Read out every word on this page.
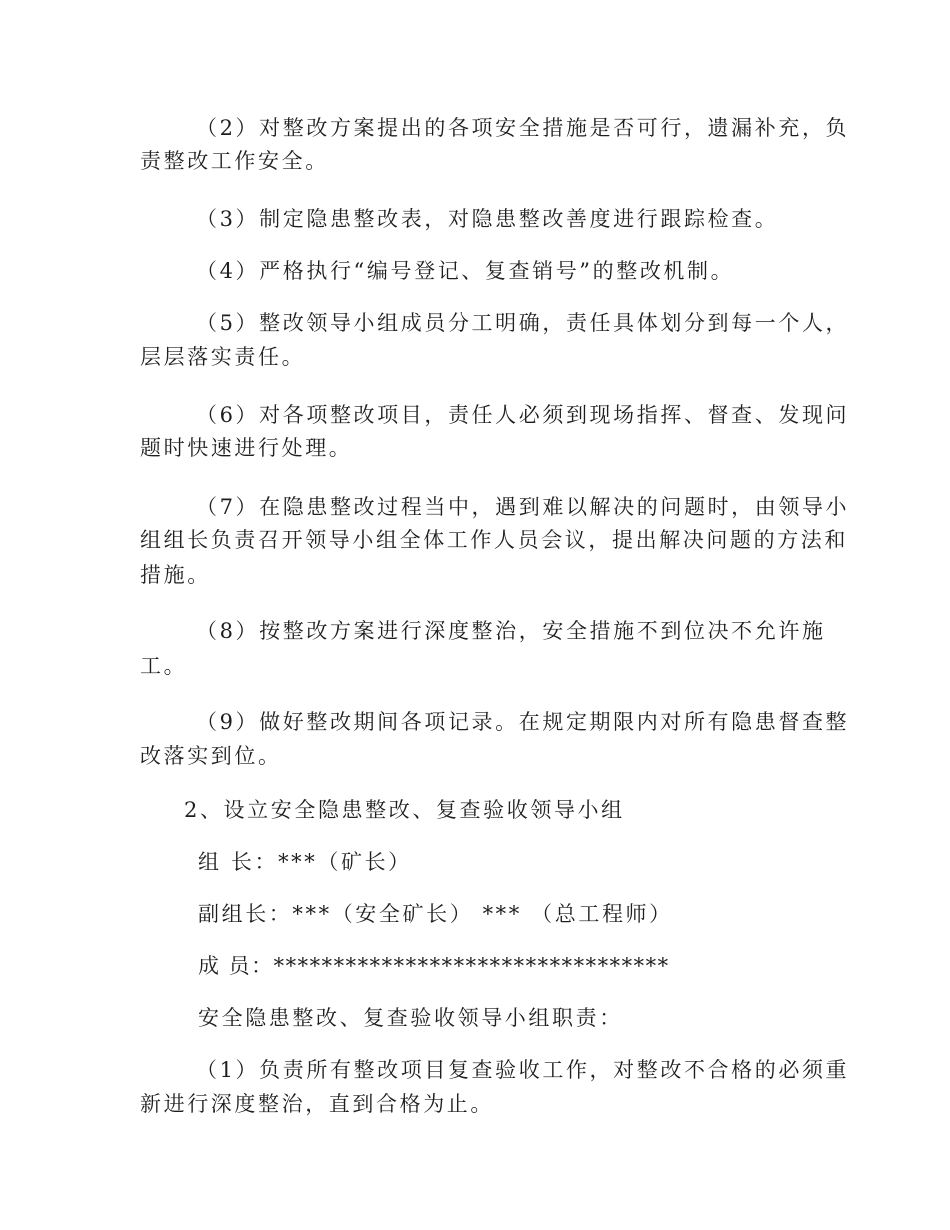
（2）对整改方案提出的各项安全措施是否可行，遗漏补充，负
责整改工作安全。
（3）制定隐患整改表，对隐患整改善度进行跟踪检查。
（4）严格执行“编号登记、复查销号”的整改机制。
（5）整改领导小组成员分工明确，责任具体划分到每一个人，
层层落实责任。
（6）对各项整改项目，责任人必须到现场指挥、督查、发现问
题时快速进行处理。
（7）在隐患整改过程当中，遇到难以解决的问题时，由领导小
组组长负责召开领导小组全体工作人员会议，提出解决问题的方法和
措施。
（8）按整改方案进行深度整治，安全措施不到位决不允许施
工。
（9）做好整改期间各项记录。在规定期限内对所有隐患督查整
改落实到位。
2、设立安全隐患整改、复查验收领导小组
组 长：***（矿长）
副组长：***（安全矿长） *** （总工程师）
成 员：*********************************
安全隐患整改、复查验收领导小组职责：
（1）负责所有整改项目复查验收工作，对整改不合格的必须重
新进行深度整治，直到合格为止。
